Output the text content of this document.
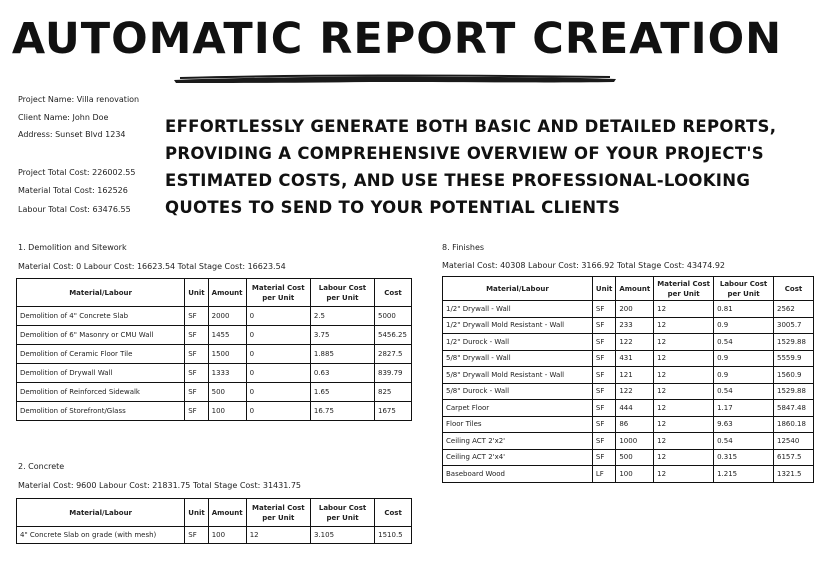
AUTOMATIC REPORT CREATION
Project Name: Villa renovation
Client Name: John Doe
Address: Sunset Blvd 1234
Project Total Cost: 226002.55
Material Total Cost: 162526
Labour Total Cost: 63476.55
EFFORTLESSLY GENERATE BOTH BASIC AND DETAILED REPORTS, PROVIDING A COMPREHENSIVE OVERVIEW OF YOUR PROJECT'S ESTIMATED COSTS, AND USE THESE PROFESSIONAL-LOOKING QUOTES TO SEND TO YOUR POTENTIAL CLIENTS
1. Demolition and Sitework
Material Cost: 0 Labour Cost: 16623.54 Total Stage Cost: 16623.54
Material/Labour	Unit	Amount	Material Cost per Unit	Labour Cost per Unit	Cost
Demolition of 4" Concrete Slab	SF	2000	0	2.5	5000
Demolition of 6" Masonry or CMU Wall	SF	1455	0	3.75	5456.25
Demolition of Ceramic Floor Tile	SF	1500	0	1.885	2827.5
Demolition of Drywall Wall	SF	1333	0	0.63	839.79
Demolition of Reinforced Sidewalk	SF	500	0	1.65	825
Demolition of Storefront/Glass	SF	100	0	16.75	1675
2. Concrete
Material Cost: 9600 Labour Cost: 21831.75 Total Stage Cost: 31431.75
Material/Labour	Unit	Amount	Material Cost per Unit	Labour Cost per Unit	Cost
4" Concrete Slab on grade (with mesh)	SF	100	12	3.105	1510.5
8. Finishes
Material Cost: 40308 Labour Cost: 3166.92 Total Stage Cost: 43474.92
Material/Labour	Unit	Amount	Material Cost per Unit	Labour Cost per Unit	Cost
1/2" Drywall - Wall	SF	200	12	0.81	2562
1/2" Drywall Mold Resistant - Wall	SF	233	12	0.9	3005.7
1/2" Durock - Wall	SF	122	12	0.54	1529.88
5/8" Drywall - Wall	SF	431	12	0.9	5559.9
5/8" Drywall Mold Resistant - Wall	SF	121	12	0.9	1560.9
5/8" Durock - Wall	SF	122	12	0.54	1529.88
Carpet Floor	SF	444	12	1.17	5847.48
Floor Tiles	SF	86	12	9.63	1860.18
Ceiling ACT 2'x2'	SF	1000	12	0.54	12540
Ceiling ACT 2'x4'	SF	500	12	0.315	6157.5
Baseboard Wood	LF	100	12	1.215	1321.5
